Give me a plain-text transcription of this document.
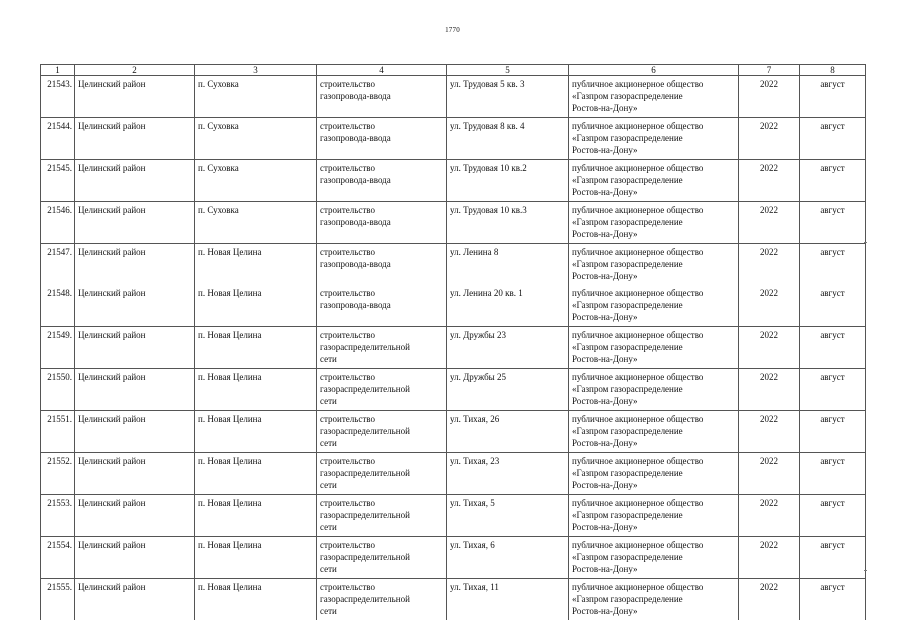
1770
1	2	3	4	5	6	7	8
21543.	Целинский район	п. Суховка	строительство
газопровода-ввода	ул. Трудовая 5 кв. 3	публичное акционерное общество
«Газпром газораспределение
Ростов-на-Дону»	2022	август
21544.	Целинский район	п. Суховка	строительство
газопровода-ввода	ул. Трудовая 8 кв. 4	публичное акционерное общество
«Газпром газораспределение
Ростов-на-Дону»	2022	август
21545.	Целинский район	п. Суховка	строительство
газопровода-ввода	ул. Трудовая 10 кв.2	публичное акционерное общество
«Газпром газораспределение
Ростов-на-Дону»	2022	август
21546.	Целинский район	п. Суховка	строительство
газопровода-ввода	ул. Трудовая 10 кв.3	публичное акционерное общество
«Газпром газораспределение
Ростов-на-Дону»	2022	август
21547.	Целинский район	п. Новая Целина	строительство
газопровода-ввода	ул. Ленина 8	публичное акционерное общество
«Газпром газораспределение
Ростов-на-Дону»	2022	август
21548.	Целинский район	п. Новая Целина	строительство
газопровода-ввода	ул. Ленина 20 кв. 1	публичное акционерное общество
«Газпром газораспределение
Ростов-на-Дону»	2022	август
21549.	Целинский район	п. Новая Целина	строительство
газораспределительной
сети	ул. Дружбы 23	публичное акционерное общество
«Газпром газораспределение
Ростов-на-Дону»	2022	август
21550.	Целинский район	п. Новая Целина	строительство
газораспределительной
сети	ул. Дружбы 25	публичное акционерное общество
«Газпром газораспределение
Ростов-на-Дону»	2022	август
21551.	Целинский район	п. Новая Целина	строительство
газораспределительной
сети	ул. Тихая, 26	публичное акционерное общество
«Газпром газораспределение
Ростов-на-Дону»	2022	август
21552.	Целинский район	п. Новая Целина	строительство
газораспределительной
сети	ул. Тихая, 23	публичное акционерное общество
«Газпром газораспределение
Ростов-на-Дону»	2022	август
21553.	Целинский район	п. Новая Целина	строительство
газораспределительной
сети	ул. Тихая, 5	публичное акционерное общество
«Газпром газораспределение
Ростов-на-Дону»	2022	август
21554.	Целинский район	п. Новая Целина	строительство
газораспределительной
сети	ул. Тихая, 6	публичное акционерное общество
«Газпром газораспределение
Ростов-на-Дону»	2022	август
21555.	Целинский район	п. Новая Целина	строительство
газораспределительной
сети	ул. Тихая, 11	публичное акционерное общество
«Газпром газораспределение
Ростов-на-Дону»	2022	август
